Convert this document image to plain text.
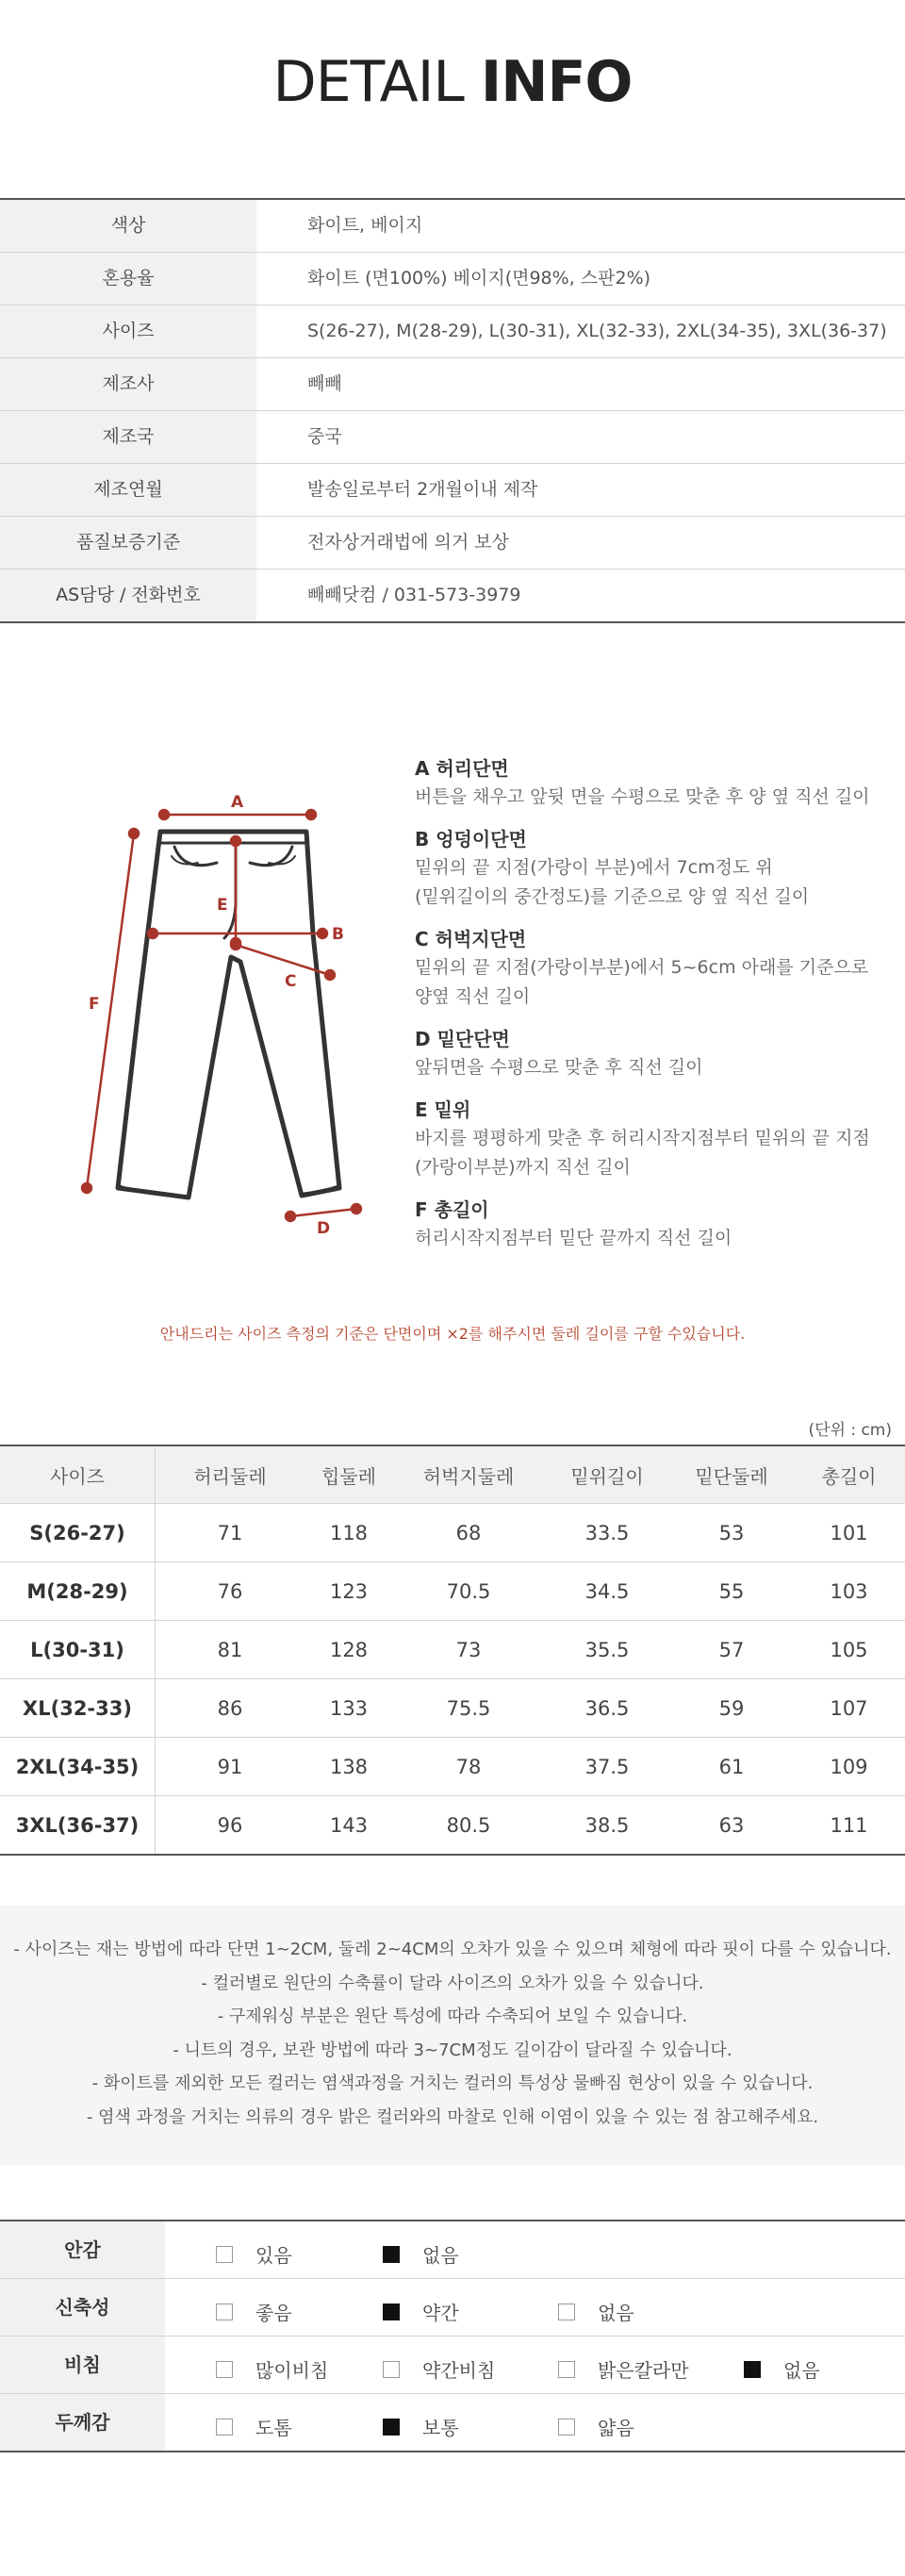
DETAIL INFO
색상	화이트, 베이지
혼용율	화이트 (면100%) 베이지(면98%, 스판2%)
사이즈	S(26-27), M(28-29), L(30-31), XL(32-33), 2XL(34-35), 3XL(36-37)
제조사	빼빼
제조국	중국
제조연월	발송일로부터 2개월이내 제작
품질보증기준	전자상거래법에 의거 보상
AS담당 / 전화번호	빼빼닷컴 / 031-573-3979
A
B
C
D
E
F
A 허리단면
버튼을 채우고 앞뒷 면을 수평으로 맞춘 후 양 옆 직선 길이
B 엉덩이단면
밑위의 끝 지점(가랑이 부분)에서 7cm정도 위
(밑위길이의 중간정도)를 기준으로 양 옆 직선 길이
C 허벅지단면
밑위의 끝 지점(가랑이부분)에서 5~6cm 아래를 기준으로
양옆 직선 길이
D 밑단단면
앞뒤면을 수평으로 맞춘 후 직선 길이
E 밑위
바지를 평평하게 맞춘 후 허리시작지점부터 밑위의 끝 지점
(가랑이부분)까지 직선 길이
F 총길이
허리시작지점부터 밑단 끝까지 직선 길이
안내드리는 사이즈 측정의 기준은 단면이며 ×2를 해주시면 둘레 길이를 구할 수있습니다.
(단위 : cm)
사이즈	허리둘레	힙둘레	허벅지둘레	밑위길이	밑단둘레	총길이
S(26-27)	71	118	68	33.5	53	101
M(28-29)	76	123	70.5	34.5	55	103
L(30-31)	81	128	73	35.5	57	105
XL(32-33)	86	133	75.5	36.5	59	107
2XL(34-35)	91	138	78	37.5	61	109
3XL(36-37)	96	143	80.5	38.5	63	111
- 사이즈는 재는 방법에 따라 단면 1~2CM, 둘레 2~4CM의 오차가 있을 수 있으며 체형에 따라 핏이 다를 수 있습니다.
- 컬러별로 원단의 수축률이 달라 사이즈의 오차가 있을 수 있습니다.
- 구제워싱 부분은 원단 특성에 따라 수축되어 보일 수 있습니다.
- 니트의 경우, 보관 방법에 따라 3~7CM정도 길이감이 달라질 수 있습니다.
- 화이트를 제외한 모든 컬러는 염색과정을 거치는 컬러의 특성상 물빠짐 현상이 있을 수 있습니다.
- 염색 과정을 거치는 의류의 경우 밝은 컬러와의 마찰로 인해 이염이 있을 수 있는 점 참고해주세요.
안감	있음	없음
신축성	좋음	약간	없음
비침	많이비침	약간비침	밝은칼라만	없음
두께감	도톰	보통	얇음
